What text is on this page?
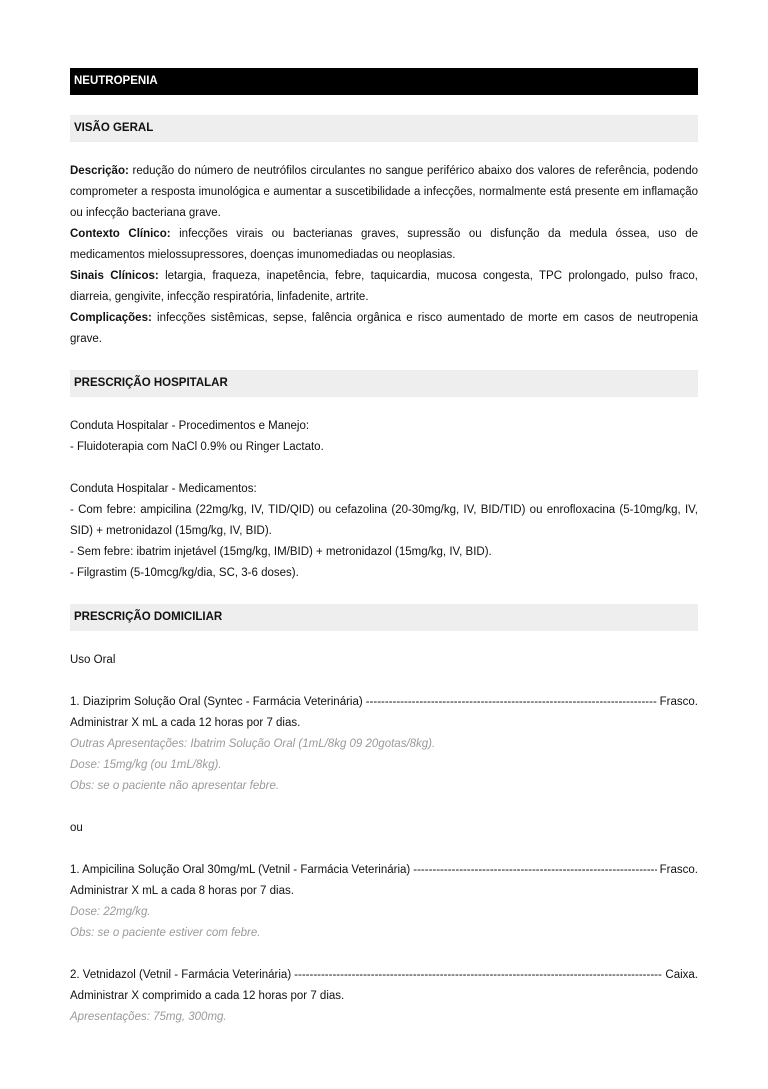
NEUTROPENIA
VISÃO GERAL

Descrição: redução do número de neutrófilos circulantes no sangue periférico abaixo dos valores de referência, podendo comprometer a resposta imunológica e aumentar a suscetibilidade a infecções, normalmente está presente em inflamação ou infecção bacteriana grave.

Contexto Clínico: infecções virais ou bacterianas graves, supressão ou disfunção da medula óssea, uso de medicamentos mielossupressores, doenças imunomediadas ou neoplasias.

Sinais Clínicos: letargia, fraqueza, inapetência, febre, taquicardia, mucosa congesta, TPC prolongado, pulso fraco, diarreia, gengivite, infecção respiratória, linfadenite, artrite.

Complicações: infecções sistêmicas, sepse, falência orgânica e risco aumentado de morte em casos de neutropenia grave.

PRESCRIÇÃO HOSPITALAR

Conduta Hospitalar - Procedimentos e Manejo:

- Fluidoterapia com NaCl 0.9% ou Ringer Lactato.

Conduta Hospitalar - Medicamentos:

- Com febre: ampicilina (22mg/kg, IV, TID/QID) ou cefazolina (20-30mg/kg, IV, BID/TID) ou enrofloxacina (5-10mg/kg, IV, SID) + metronidazol (15mg/kg, IV, BID).

- Sem febre: ibatrim injetável (15mg/kg, IM/BID) + metronidazol (15mg/kg, IV, BID).

- Filgrastim (5-10mcg/kg/dia, SC, 3-6 doses).

PRESCRIÇÃO DOMICILIAR

Uso Oral

1. Diaziprim Solução Oral (Syntec - Farmácia Veterinária) -----	Frasco.

Administrar X mL a cada 12 horas por 7 dias.

Outras Apresentações: Ibatrim Solução Oral (1mL/8kg 09 20gotas/8kg).

Dose: 15mg/kg (ou 1mL/8kg).

Obs: se o paciente não apresentar febre.

ou

1. Ampicilina Solução Oral 30mg/mL (Vetnil - Farmácia Veterinária) -----	Frasco.

Administrar X mL a cada 8 horas por 7 dias.

Dose: 22mg/kg.

Obs: se o paciente estiver com febre.

2. Vetnidazol (Vetnil - Farmácia Veterinária) -----	Caixa.

Administrar X comprimido a cada 12 horas por 7 dias.

Apresentações: 75mg, 300mg.
